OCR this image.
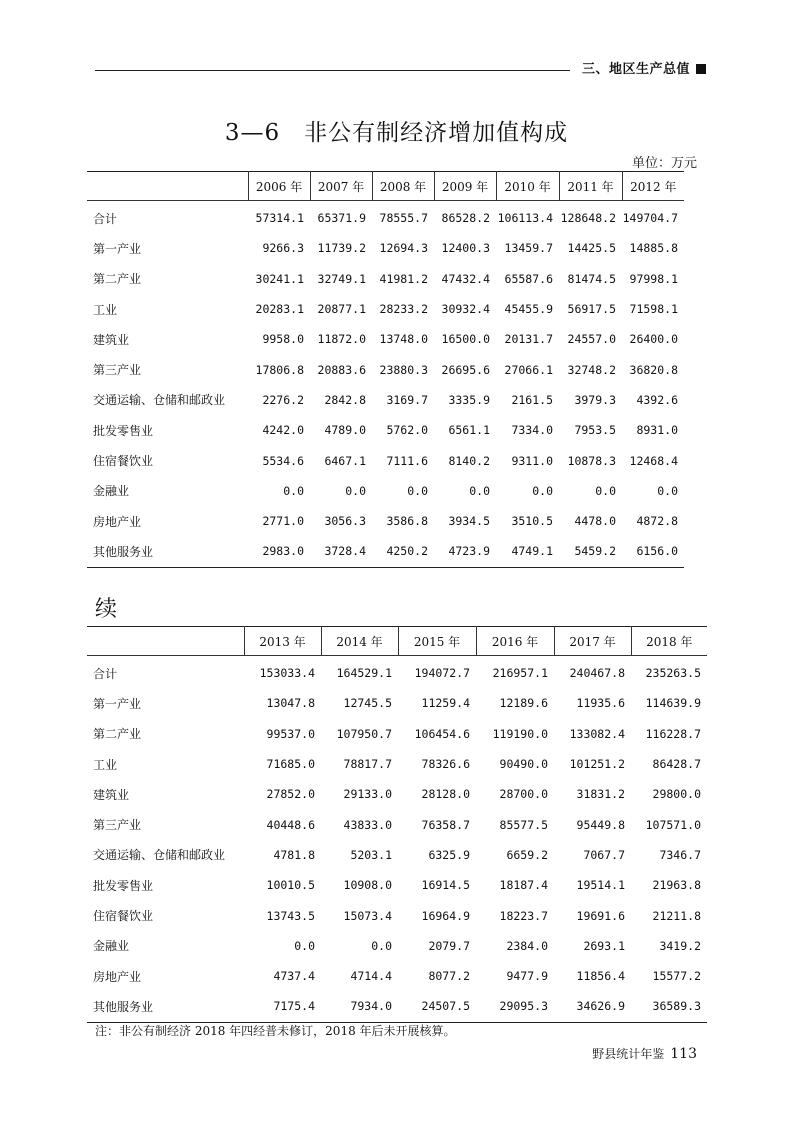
三、地区生产总值
3—6　非公有制经济增加值构成
单位：万元
	2006 年	2007 年	2008 年	2009 年	2010 年	2011 年	2012 年
合计	57314.1	65371.9	78555.7	86528.2	106113.4	128648.2	149704.7
第一产业	9266.3	11739.2	12694.3	12400.3	13459.7	14425.5	14885.8
第二产业	30241.1	32749.1	41981.2	47432.4	65587.6	81474.5	97998.1
工业	20283.1	20877.1	28233.2	30932.4	45455.9	56917.5	71598.1
建筑业	9958.0	11872.0	13748.0	16500.0	20131.7	24557.0	26400.0
第三产业	17806.8	20883.6	23880.3	26695.6	27066.1	32748.2	36820.8
交通运输、仓储和邮政业	2276.2	2842.8	3169.7	3335.9	2161.5	3979.3	4392.6
批发零售业	4242.0	4789.0	5762.0	6561.1	7334.0	7953.5	8931.0
住宿餐饮业	5534.6	6467.1	7111.6	8140.2	9311.0	10878.3	12468.4
金融业	0.0	0.0	0.0	0.0	0.0	0.0	0.0
房地产业	2771.0	3056.3	3586.8	3934.5	3510.5	4478.0	4872.8
其他服务业	2983.0	3728.4	4250.2	4723.9	4749.1	5459.2	6156.0
续
	2013 年	2014 年	2015 年	2016 年	2017 年	2018 年
合计	153033.4	164529.1	194072.7	216957.1	240467.8	235263.5
第一产业	13047.8	12745.5	11259.4	12189.6	11935.6	114639.9
第二产业	99537.0	107950.7	106454.6	119190.0	133082.4	116228.7
工业	71685.0	78817.7	78326.6	90490.0	101251.2	86428.7
建筑业	27852.0	29133.0	28128.0	28700.0	31831.2	29800.0
第三产业	40448.6	43833.0	76358.7	85577.5	95449.8	107571.0
交通运输、仓储和邮政业	4781.8	5203.1	6325.9	6659.2	7067.7	7346.7
批发零售业	10010.5	10908.0	16914.5	18187.4	19514.1	21963.8
住宿餐饮业	13743.5	15073.4	16964.9	18223.7	19691.6	21211.8
金融业	0.0	0.0	2079.7	2384.0	2693.1	3419.2
房地产业	4737.4	4714.4	8077.2	9477.9	11856.4	15577.2
其他服务业	7175.4	7934.0	24507.5	29095.3	34626.9	36589.3
注：非公有制经济 2018 年四经普未修订，2018 年后未开展核算。
野县统计年鉴 113
